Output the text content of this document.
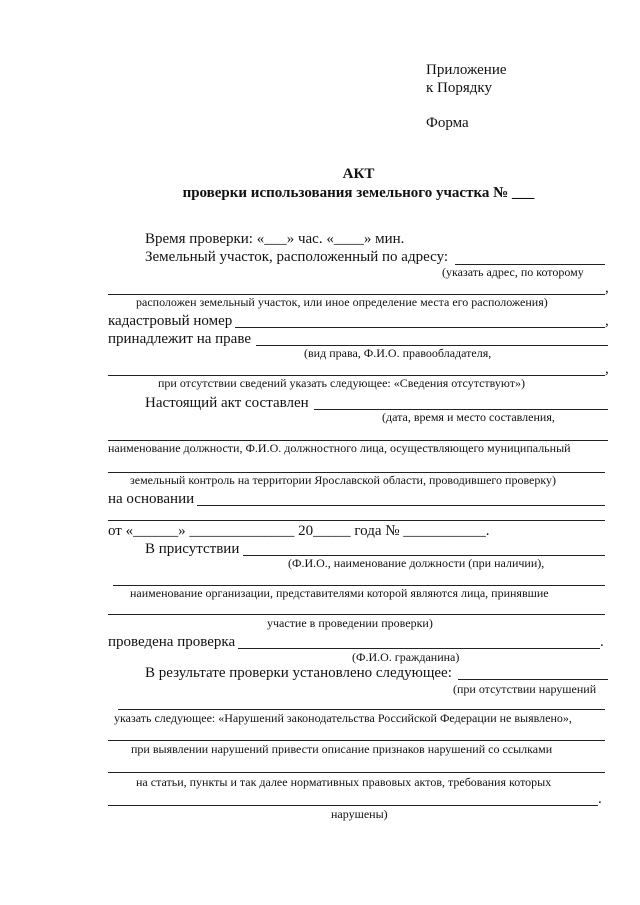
Приложение
к Порядку
Форма
АКТ
проверки использования земельного участка № ___
Время проверки: «___» час. «____» мин.
Земельный участок, расположенный по адресу:
(указать адрес, по которому
,
расположен земельный участок, или иное определение места его расположения)
кадастровый номер	,
принадлежит на праве
(вид права, Ф.И.О. правообладателя,
,
при отсутствии сведений указать следующее: «Сведения отсутствуют»)
Настоящий акт составлен
(дата, время и место составления,
наименование должности, Ф.И.О. должностного лица, осуществляющего муниципальный
земельный контроль на территории Ярославской области, проводившего проверку)
на основании
от «______» ______________ 20_____ года № ___________.
В присутствии
(Ф.И.О., наименование должности (при наличии),
наименование организации, представителями которой являются лица, принявшие
участие в проведении проверки)
проведена проверка	.
(Ф.И.О. гражданина)
В результате проверки установлено следующее:
(при отсутствии нарушений
указать следующее: «Нарушений законодательства Российской Федерации не выявлено»,
при выявлении нарушений привести описание признаков нарушений со ссылками
на статьи, пункты и так далее нормативных правовых актов, требования которых
.
нарушены)
